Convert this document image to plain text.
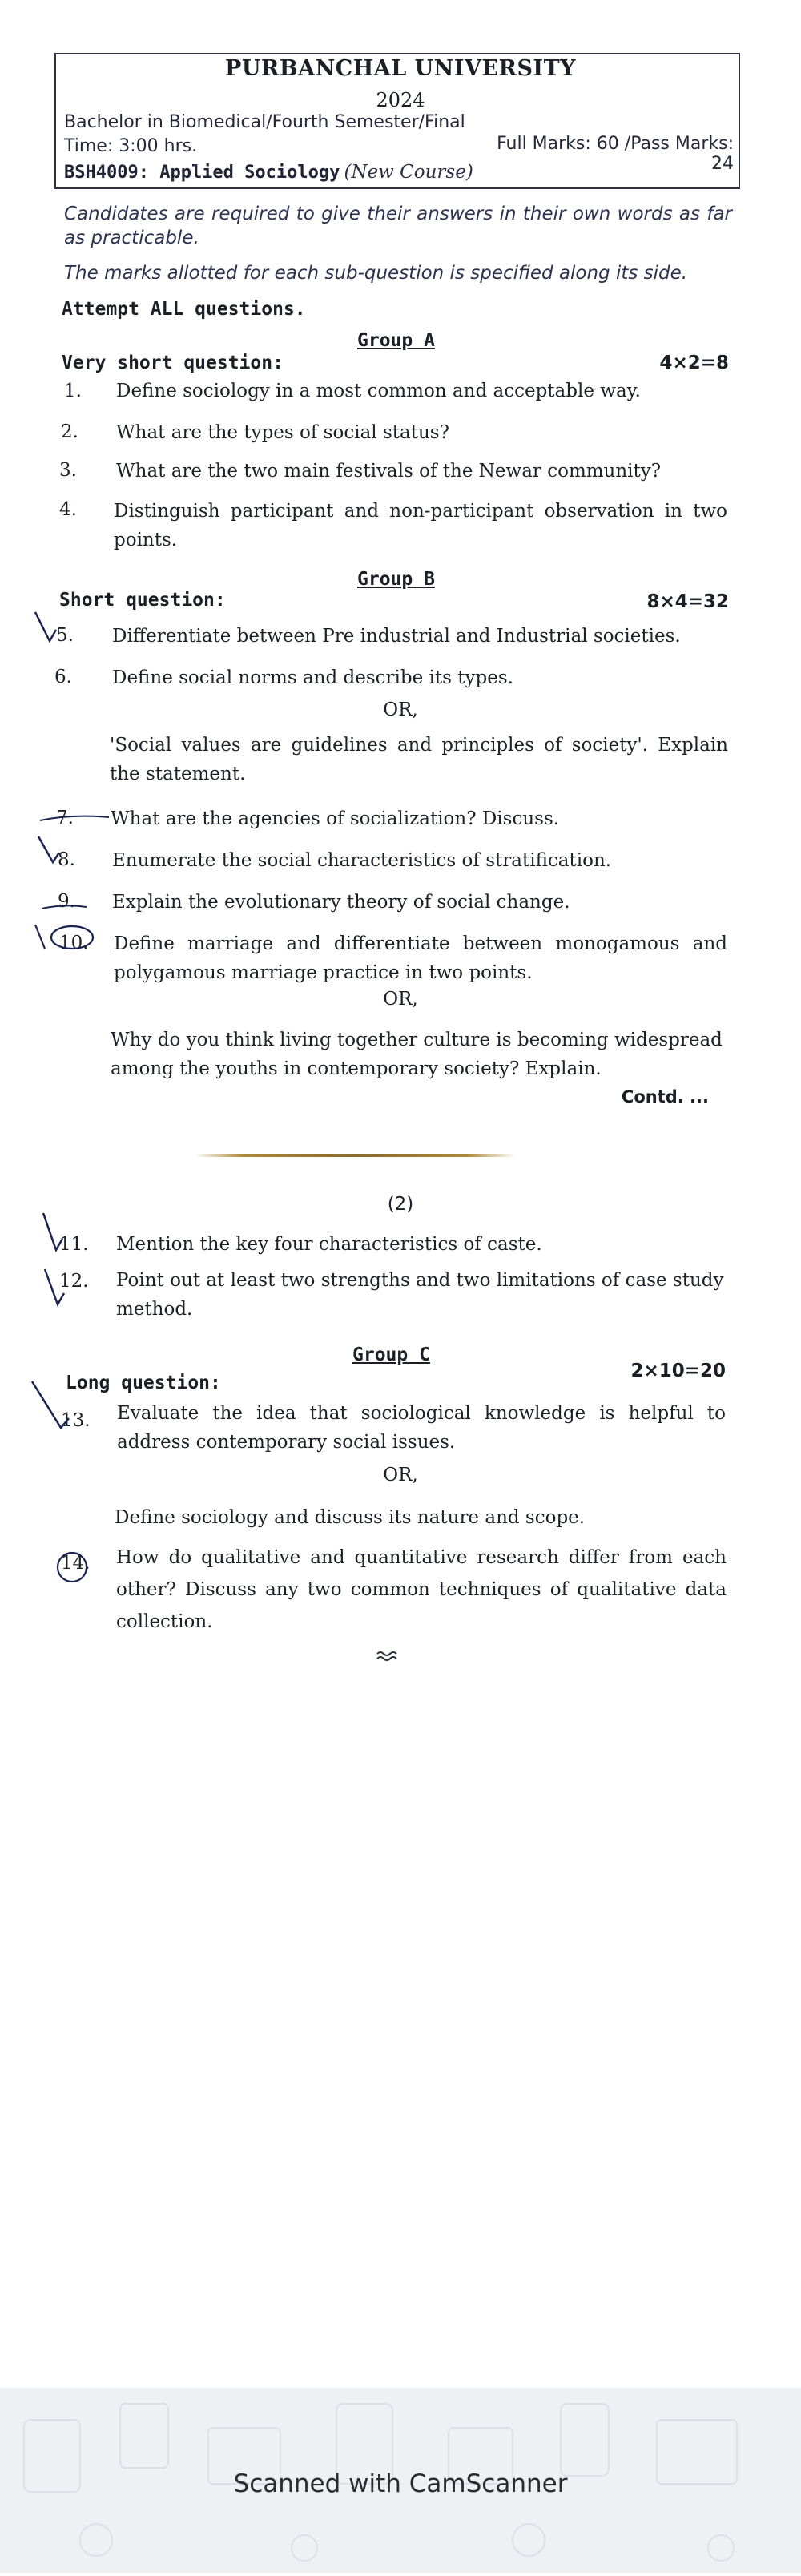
PURBANCHAL UNIVERSITY
2024
Bachelor in Biomedical/Fourth Semester/Final
Time: 3:00 hrs.	Full Marks: 60 /Pass Marks: 24
BSH4009: Applied Sociology (New Course)
Candidates are required to give their answers in their own words as far as practicable.
The marks allotted for each sub-question is specified along its side.
Attempt ALL questions.
Group A
Very short question:	4×2=8
1. Define sociology in a most common and acceptable way.
2. What are the types of social status?
3. What are the two main festivals of the Newar community?
4. Distinguish participant and non-participant observation in two points.
Group B
Short question:	8×4=32
5. Differentiate between Pre industrial and Industrial societies.
6. Define social norms and describe its types.
OR,
'Social values are guidelines and principles of society'. Explain the statement.
7. What are the agencies of socialization? Discuss.
8. Enumerate the social characteristics of stratification.
9. Explain the evolutionary theory of social change.
10. Define marriage and differentiate between monogamous and polygamous marriage practice in two points.
OR,
Why do you think living together culture is becoming widespread among the youths in contemporary society? Explain.
Contd. ...
(2)
11. Mention the key four characteristics of caste.
12. Point out at least two strengths and two limitations of case study method.
Group C
2×10=20
Long question:
13. Evaluate the idea that sociological knowledge is helpful to address contemporary social issues.
OR,
Define sociology and discuss its nature and scope.
14. How do qualitative and quantitative research differ from each other? Discuss any two common techniques of qualitative data collection.
Scanned with CamScanner
